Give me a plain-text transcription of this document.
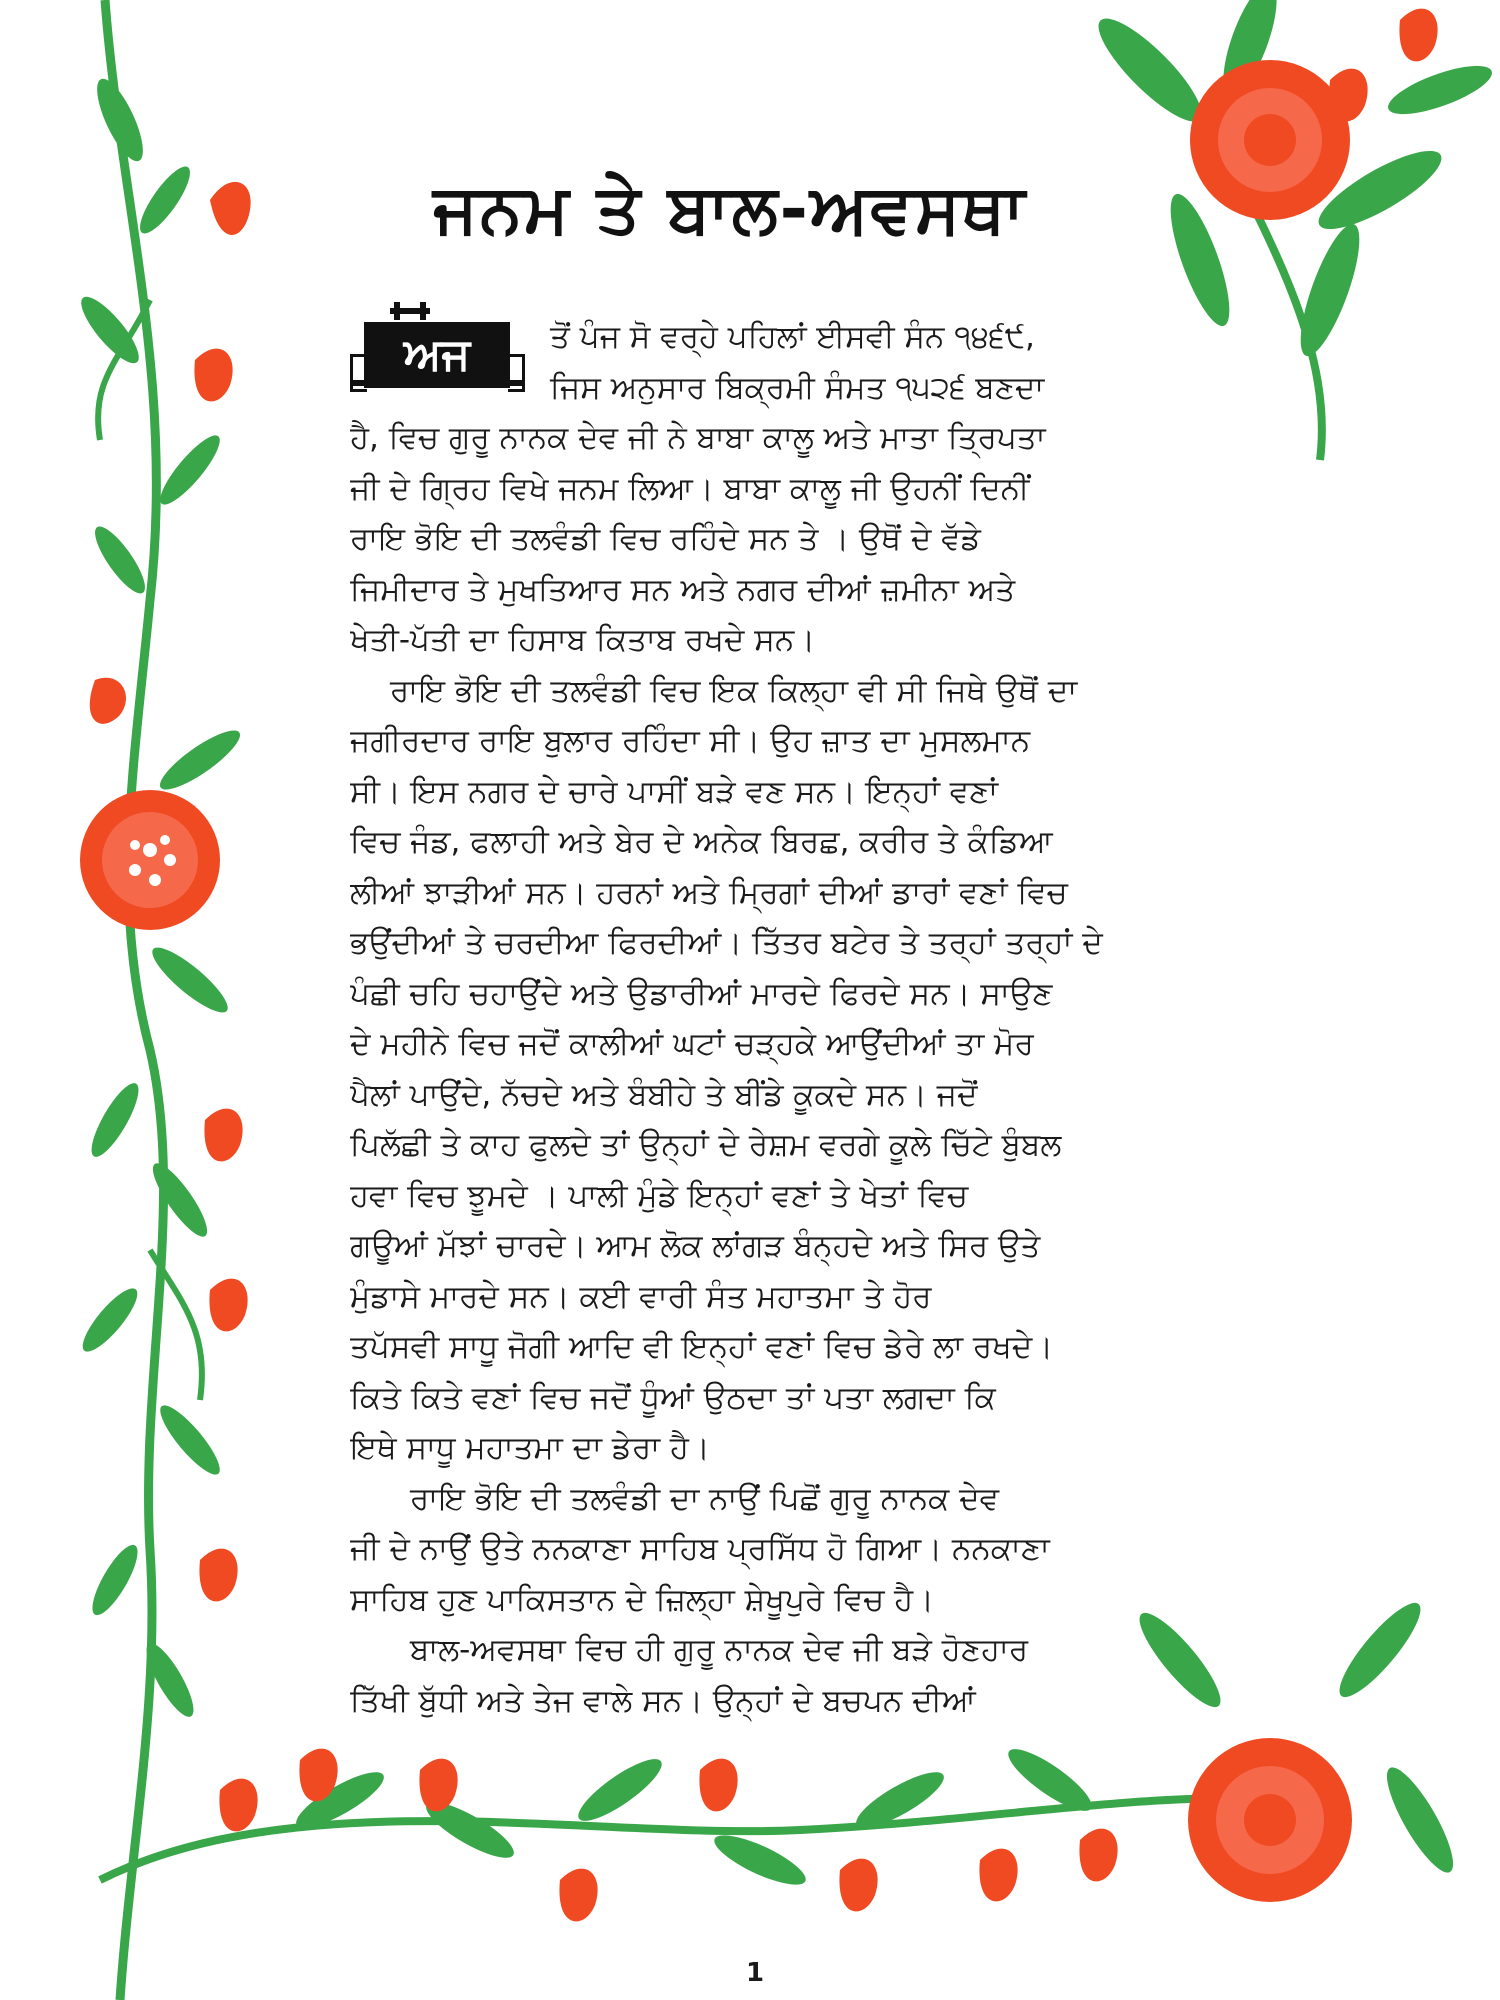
ਜਨਮ ਤੇ ਬਾਲ-ਅਵਸਥਾ
ਅਜ	ਤੋਂ ਪੰਜ ਸੋ ਵਰ੍ਹੇ ਪਹਿਲਾਂ ਈਸਵੀ ਸੰਨ ੧੪੬੯,
ਜਿਸ ਅਨੁਸਾਰ ਬਿਕ੍ਰਮੀ ਸੰਮਤ ੧੫੨੬ ਬਣਦਾ
ਹੈ, ਵਿਚ ਗੁਰੂ ਨਾਨਕ ਦੇਵ ਜੀ ਨੇ ਬਾਬਾ ਕਾਲੂ ਅਤੇ ਮਾਤਾ ਤ੍ਰਿਪਤਾ
ਜੀ ਦੇ ਗ੍ਰਿਹ ਵਿਖੇ ਜਨਮ ਲਿਆ। ਬਾਬਾ ਕਾਲੂ ਜੀ ਉਹਨੀਂ ਦਿਨੀਂ
ਰਾਇ ਭੋਇ ਦੀ ਤਲਵੰਡੀ ਵਿਚ ਰਹਿੰਦੇ ਸਨ ਤੇ । ਉਥੋਂ ਦੇ ਵੱਡੇ
ਜਿਮੀਦਾਰ ਤੇ ਮੁਖਤਿਆਰ ਸਨ ਅਤੇ ਨਗਰ ਦੀਆਂ ਜ਼ਮੀਨਾ ਅਤੇ
ਖੇਤੀ-ਪੱਤੀ ਦਾ ਹਿਸਾਬ ਕਿਤਾਬ ਰਖਦੇ ਸਨ।
ਰਾਇ ਭੋਇ ਦੀ ਤਲਵੰਡੀ ਵਿਚ ਇਕ ਕਿਲ੍ਹਾ ਵੀ ਸੀ ਜਿਥੇ ਉਥੋਂ ਦਾ
ਜਗੀਰਦਾਰ ਰਾਇ ਬੁਲਾਰ ਰਹਿੰਦਾ ਸੀ। ਉਹ ਜ਼ਾਤ ਦਾ ਮੁਸਲਮਾਨ
ਸੀ। ਇਸ ਨਗਰ ਦੇ ਚਾਰੇ ਪਾਸੀਂ ਬੜੇ ਵਣ ਸਨ। ਇਨ੍ਹਾਂ ਵਣਾਂ
ਵਿਚ ਜੰਡ, ਫਲਾਹੀ ਅਤੇ ਬੇਰ ਦੇ ਅਨੇਕ ਬਿਰਛ, ਕਰੀਰ ਤੇ ਕੰਡਿਆ
ਲੀਆਂ ਝਾੜੀਆਂ ਸਨ। ਹਰਨਾਂ ਅਤੇ ਮ੍ਰਿਗਾਂ ਦੀਆਂ ਡਾਰਾਂ ਵਣਾਂ ਵਿਚ
ਭਉਂਦੀਆਂ ਤੇ ਚਰਦੀਆ ਫਿਰਦੀਆਂ। ਤਿੱਤਰ ਬਟੇਰ ਤੇ ਤਰ੍ਹਾਂ ਤਰ੍ਹਾਂ ਦੇ
ਪੰਛੀ ਚਹਿ ਚਹਾਉਂਦੇ ਅਤੇ ਉਡਾਰੀਆਂ ਮਾਰਦੇ ਫਿਰਦੇ ਸਨ। ਸਾਉਣ
ਦੇ ਮਹੀਨੇ ਵਿਚ ਜਦੋਂ ਕਾਲੀਆਂ ਘਟਾਂ ਚੜ੍ਹਕੇ ਆਉਂਦੀਆਂ ਤਾ ਮੋਰ
ਪੈਲਾਂ ਪਾਉਂਦੇ, ਨੱਚਦੇ ਅਤੇ ਬੰਬੀਹੇ ਤੇ ਬੀਂਡੇ ਕੂਕਦੇ ਸਨ। ਜਦੋਂ
ਪਿਲੱਛੀ ਤੇ ਕਾਹ ਫੁਲਦੇ ਤਾਂ ਉਨ੍ਹਾਂ ਦੇ ਰੇਸ਼ਮ ਵਰਗੇ ਕੂਲੇ ਚਿੱਟੇ ਬੁੰਬਲ
ਹਵਾ ਵਿਚ ਝੂਮਦੇ । ਪਾਲੀ ਮੁੰਡੇ ਇਨ੍ਹਾਂ ਵਣਾਂ ਤੇ ਖੇਤਾਂ ਵਿਚ
ਗਊਆਂ ਮੱਝਾਂ ਚਾਰਦੇ। ਆਮ ਲੋਕ ਲਾਂਗੜ ਬੰਨ੍ਹਦੇ ਅਤੇ ਸਿਰ ਉਤੇ
ਮੁੰਡਾਸੇ ਮਾਰਦੇ ਸਨ। ਕਈ ਵਾਰੀ ਸੰਤ ਮਹਾਤਮਾ ਤੇ ਹੋਰ
ਤਪੱਸਵੀ ਸਾਧੂ ਜੋਗੀ ਆਦਿ ਵੀ ਇਨ੍ਹਾਂ ਵਣਾਂ ਵਿਚ ਡੇਰੇ ਲਾ ਰਖਦੇ।
ਕਿਤੇ ਕਿਤੇ ਵਣਾਂ ਵਿਚ ਜਦੋਂ ਧੂੰਆਂ ਉਠਦਾ ਤਾਂ ਪਤਾ ਲਗਦਾ ਕਿ
ਇਥੇ ਸਾਧੂ ਮਹਾਤਮਾ ਦਾ ਡੇਰਾ ਹੈ।
ਰਾਇ ਭੋਇ ਦੀ ਤਲਵੰਡੀ ਦਾ ਨਾਉਂ ਪਿਛੋਂ ਗੁਰੂ ਨਾਨਕ ਦੇਵ
ਜੀ ਦੇ ਨਾਉਂ ਉਤੇ ਨਨਕਾਣਾ ਸਾਹਿਬ ਪ੍ਰਸਿੱਧ ਹੋ ਗਿਆ। ਨਨਕਾਣਾ
ਸਾਹਿਬ ਹੁਣ ਪਾਕਿਸਤਾਨ ਦੇ ਜ਼ਿਲ੍ਹਾ ਸ਼ੇਖੂਪੁਰੇ ਵਿਚ ਹੈ।
ਬਾਲ-ਅਵਸਥਾ ਵਿਚ ਹੀ ਗੁਰੂ ਨਾਨਕ ਦੇਵ ਜੀ ਬੜੇ ਹੋਣਹਾਰ
ਤਿੱਖੀ ਬੁੱਧੀ ਅਤੇ ਤੇਜ ਵਾਲੇ ਸਨ। ਉਨ੍ਹਾਂ ਦੇ ਬਚਪਨ ਦੀਆਂ
1
